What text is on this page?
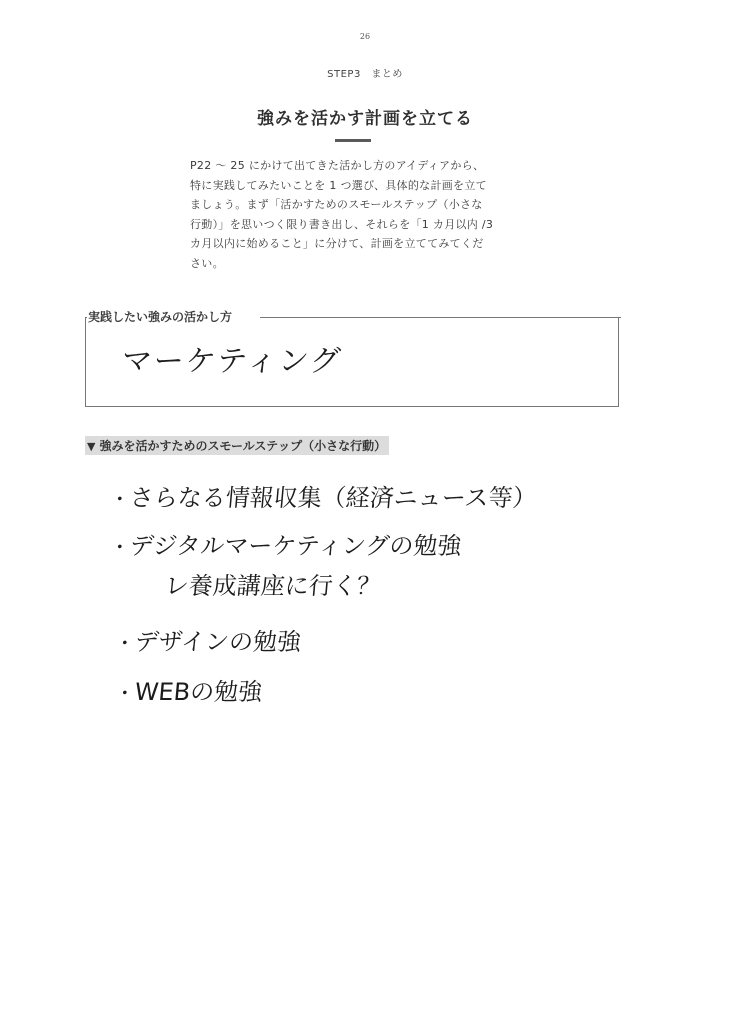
26
STEP3　まとめ
強みを活かす計画を立てる
P22 ～ 25 にかけて出てきた活かし方のアイディアから、
特に実践してみたいことを 1 つ選び、具体的な計画を立て
ましょう。まず「活かすためのスモールステップ（小さな
行動）」を思いつく限り書き出し、それらを「1 カ月以内 /3
カ月以内に始めること」に分けて、計画を立ててみてくだ
さい。
実践したい強みの活かし方
マーケティング
▼ 強みを活かすためのスモールステップ（小さな行動）
・さらなる情報収集（経済ニュース等）
・デジタルマーケティングの勉強
レ養成講座に行く？
・デザインの勉強
・WEBの勉強
